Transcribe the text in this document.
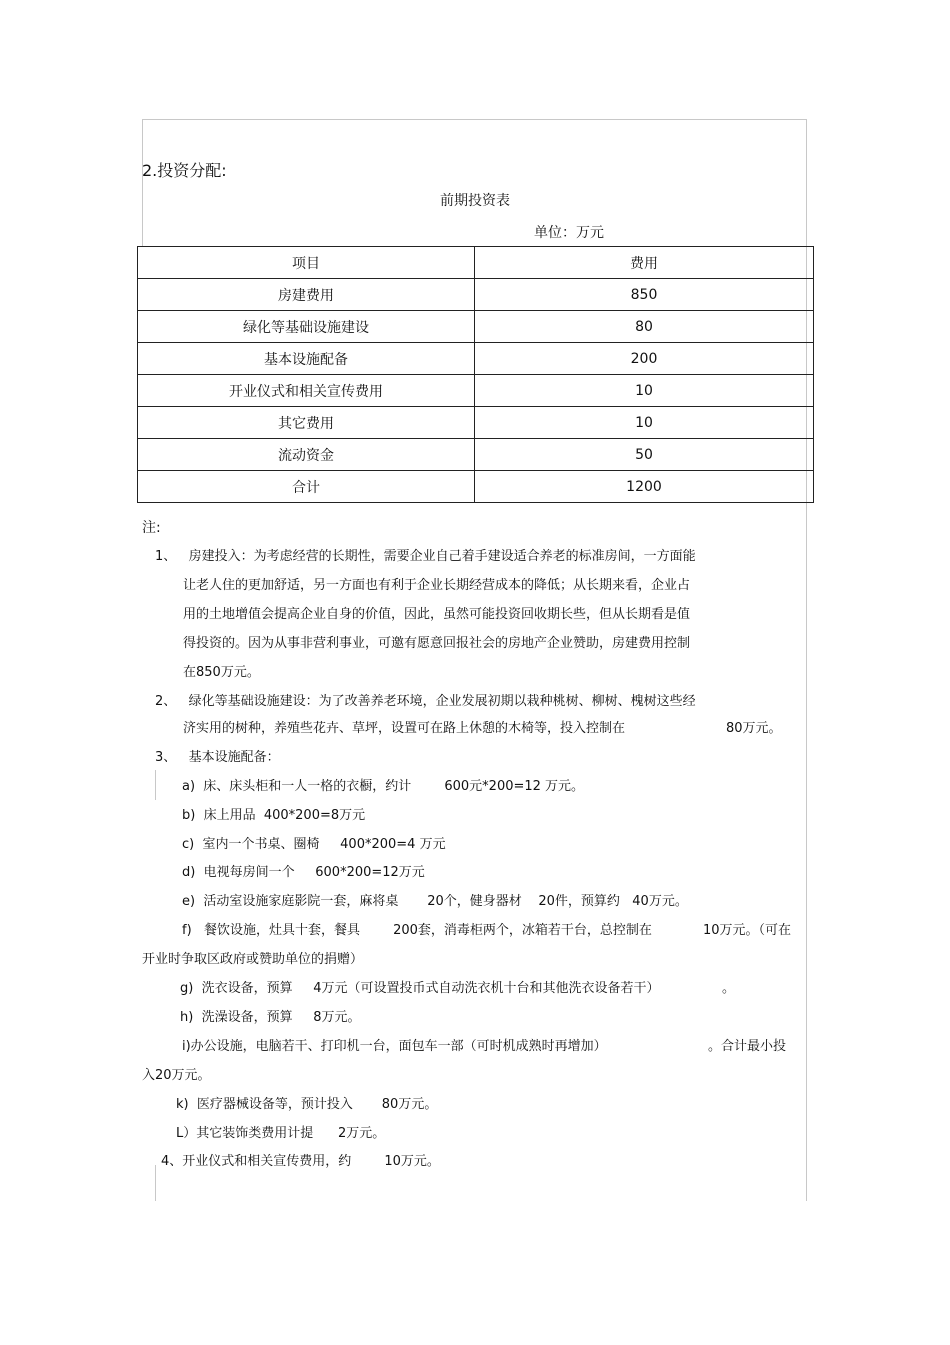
2.投资分配:
前期投资表
单位：万元
项目	费用
房建费用	850
绿化等基础设施建设	80
基本设施配备	200
开业仪式和相关宣传费用	10
其它费用	10
流动资金	50
合计	1200
注:
1、   房建投入：为考虑经营的长期性，需要企业自己着手建设适合养老的标准房间，一方面能
让老人住的更加舒适，另一方面也有利于企业长期经营成本的降低；从长期来看，企业占
用的土地增值会提高企业自身的价值，因此，虽然可能投资回收期长些，但从长期看是值
得投资的。因为从事非营利事业，可邀有愿意回报社会的房地产企业赞助，房建费用控制
在850万元。
2、   绿化等基础设施建设：为了改善养老环境，企业发展初期以栽种桃树、柳树、槐树这些经
济实用的树种，养殖些花卉、草坪，设置可在路上休憩的木椅等，投入控制在	80万元。
3、   基本设施配备：
a)  床、床头柜和一人一格的衣橱，约计        600元*200=12 万元。
b)  床上用品  400*200=8万元
c)  室内一个书桌、圈椅     400*200=4 万元
d)  电视每房间一个     600*200=12万元
e)  活动室设施家庭影院一套，麻将桌       20个，健身器材    20件，预算约   40万元。
f)   餐饮设施，灶具十套，餐具        200套，消毒柜两个，冰箱若干台，总控制在	10万元。（可在
开业时争取区政府或赞助单位的捐赠）
g)  洗衣设备，预算     4万元（可设置投币式自动洗衣机十台和其他洗衣设备若干）	。
h)  洗澡设备，预算     8万元。
i)办公设施，电脑若干、打印机一台，面包车一部（可时机成熟时再增加）	。合计最小投
入20万元。
k)  医疗器械设备等，预计投入       80万元。
L）其它装饰类费用计提      2万元。
4、开业仪式和相关宣传费用，约        10万元。
